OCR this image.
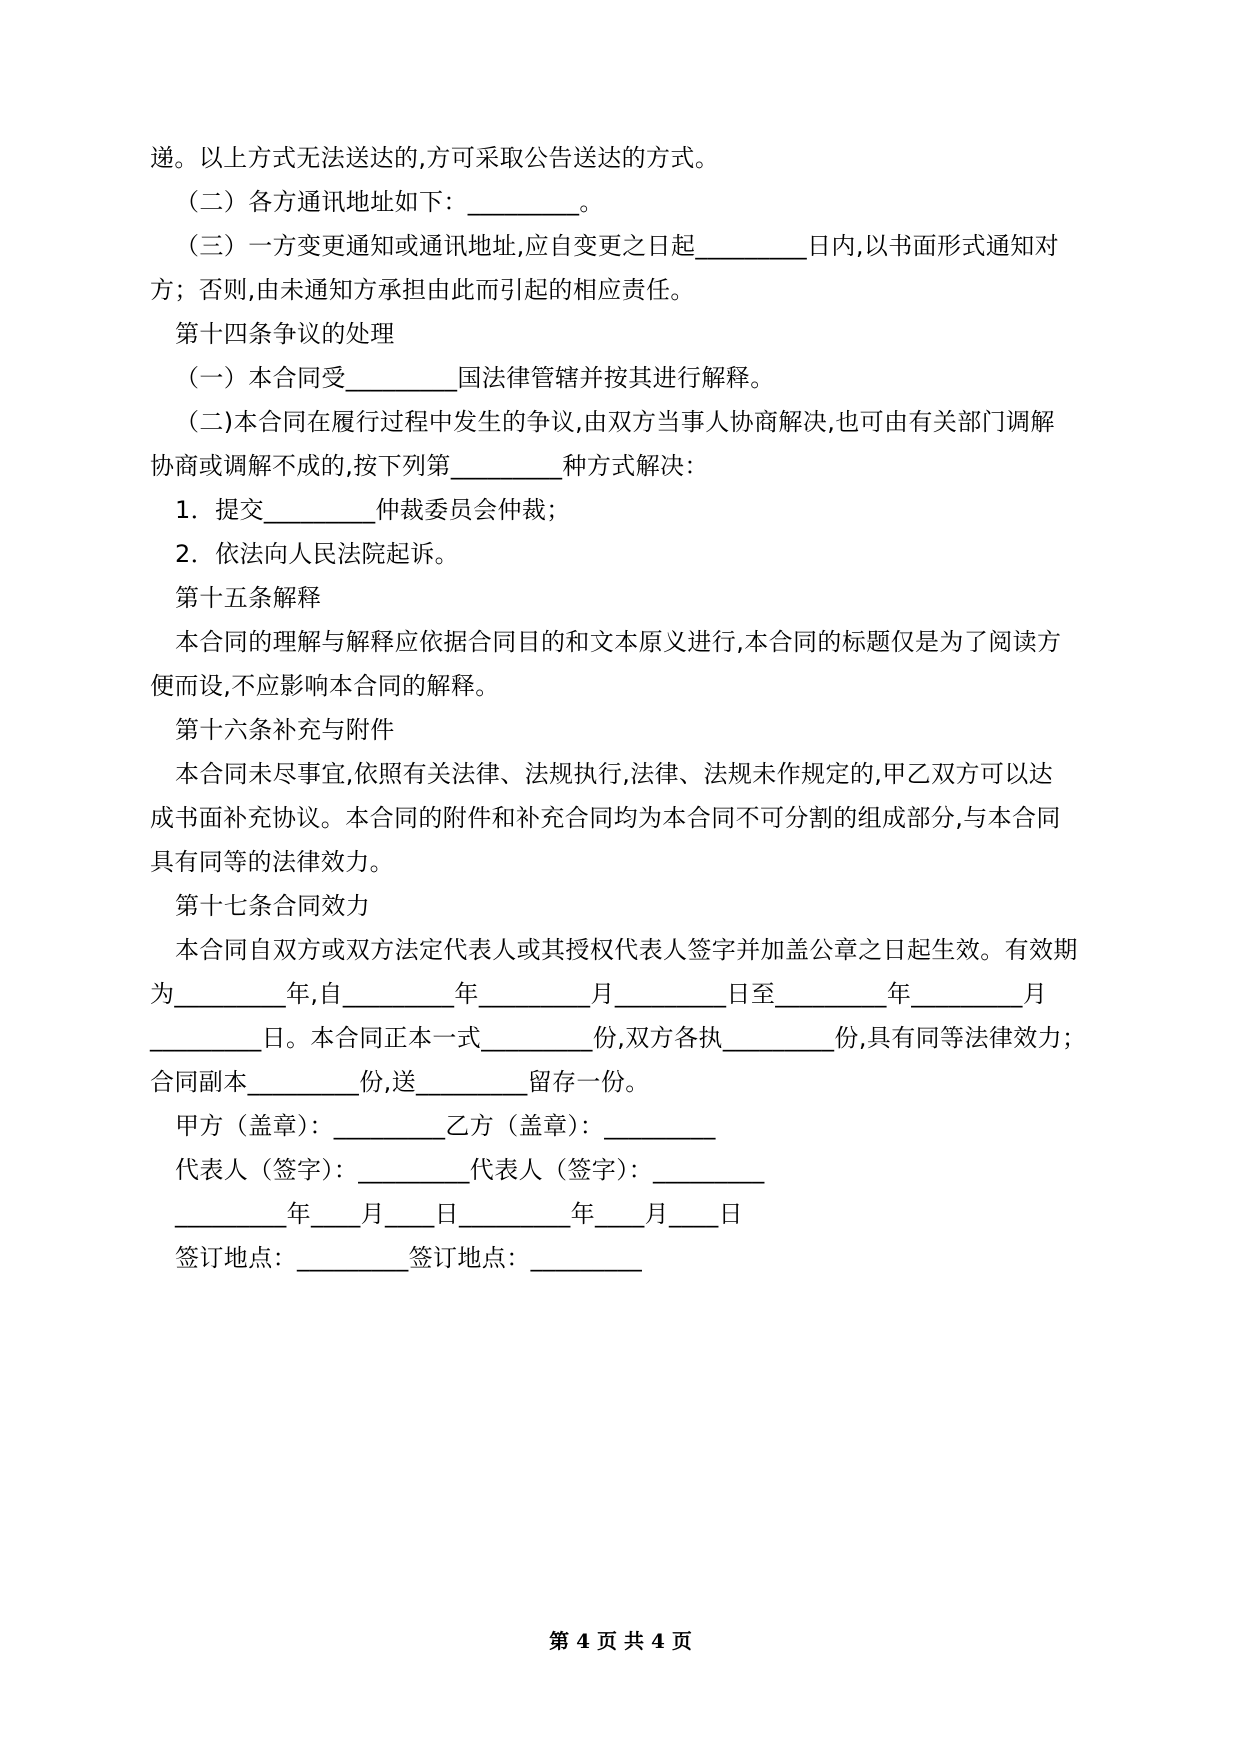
递。以上方式无法送达的,方可采取公告送达的方式。
（二）各方通讯地址如下：_________。
（三）一方变更通知或通讯地址,应自变更之日起_________日内,以书面形式通知对
方；否则,由未通知方承担由此而引起的相应责任。
第十四条争议的处理
（一）本合同受_________国法律管辖并按其进行解释。
（二)本合同在履行过程中发生的争议,由双方当事人协商解决,也可由有关部门调解
协商或调解不成的,按下列第_________种方式解决：
1．提交_________仲裁委员会仲裁；
2．依法向人民法院起诉。
第十五条解释
本合同的理解与解释应依据合同目的和文本原义进行,本合同的标题仅是为了阅读方
便而设,不应影响本合同的解释。
第十六条补充与附件
本合同未尽事宜,依照有关法律、法规执行,法律、法规未作规定的,甲乙双方可以达
成书面补充协议。本合同的附件和补充合同均为本合同不可分割的组成部分,与本合同
具有同等的法律效力。
第十七条合同效力
本合同自双方或双方法定代表人或其授权代表人签字并加盖公章之日起生效。有效期
为_________年,自_________年_________月_________日至_________年_________月
_________日。本合同正本一式_________份,双方各执_________份,具有同等法律效力；
合同副本_________份,送_________留存一份。
甲方（盖章）：_________乙方（盖章）：_________
代表人（签字）：_________代表人（签字）：_________
_________年____月____日_________年____月____日
签订地点：_________签订地点：_________
第 4 页 共 4 页
